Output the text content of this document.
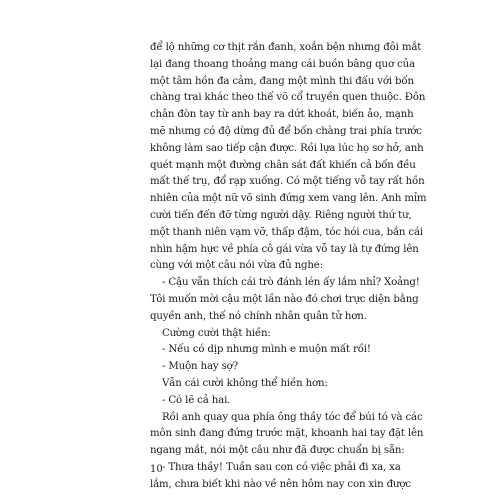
để lộ những cơ thịt rắn đanh, xoắn bện nhưng đôi mắt
lại đang thoang thoảng mang cái buồn bâng quơ của
một tâm hồn đa cảm, đang một mình thi đấu với bốn
chàng trai khác theo thế võ cổ truyền quen thuộc. Đôn
chân đòn tay từ anh bay ra dứt khoát, biến ảo, mạnh
mẽ nhưng có độ dừng đủ để bốn chàng trai phía trước
không làm sao tiếp cận được. Rồi lựa lúc họ sơ hở, anh
quét mạnh một đường chân sát đất khiến cả bốn đều
mất thế trụ, đổ rạp xuống. Có một tiếng vỗ tay rất hồn
nhiên của một nữ võ sinh đứng xem vang lên. Anh mỉm
cười tiến đến đỡ từng người dậy. Riêng người thứ tư,
một thanh niên vạm vỡ, thấp đậm, tóc hói cua, bắn cái
nhìn hậm hực về phía cô gái vừa vỗ tay là tự đứng lên
cùng với một câu nói vừa đủ nghe:
- Cậu vẫn thích cái trò đánh lén ấy lắm nhỉ? Xoảng!
Tôi muốn mời cậu một lần nào đó chơi trực diện bằng
quyền anh, thế nó chính nhân quân tử hơn.
Cường cười thật hiền:
- Nếu có dịp nhưng mình e muộn mất rồi!
- Muộn hay sợ?
Vẫn cái cười không thể hiền hơn:
- Có lẽ cả hai.
Rồi anh quay qua phía ông thầy tóc để búi tó và các
môn sinh đang đứng trước mặt, khoanh hai tay đặt lên
ngang mắt, nói một câu như đã được chuẩn bị sẵn:
- Thưa thầy! Tuần sau con có việc phải đi xa, xa
lắm, chưa biết khi nào về nên hôm nay con xin được
10
